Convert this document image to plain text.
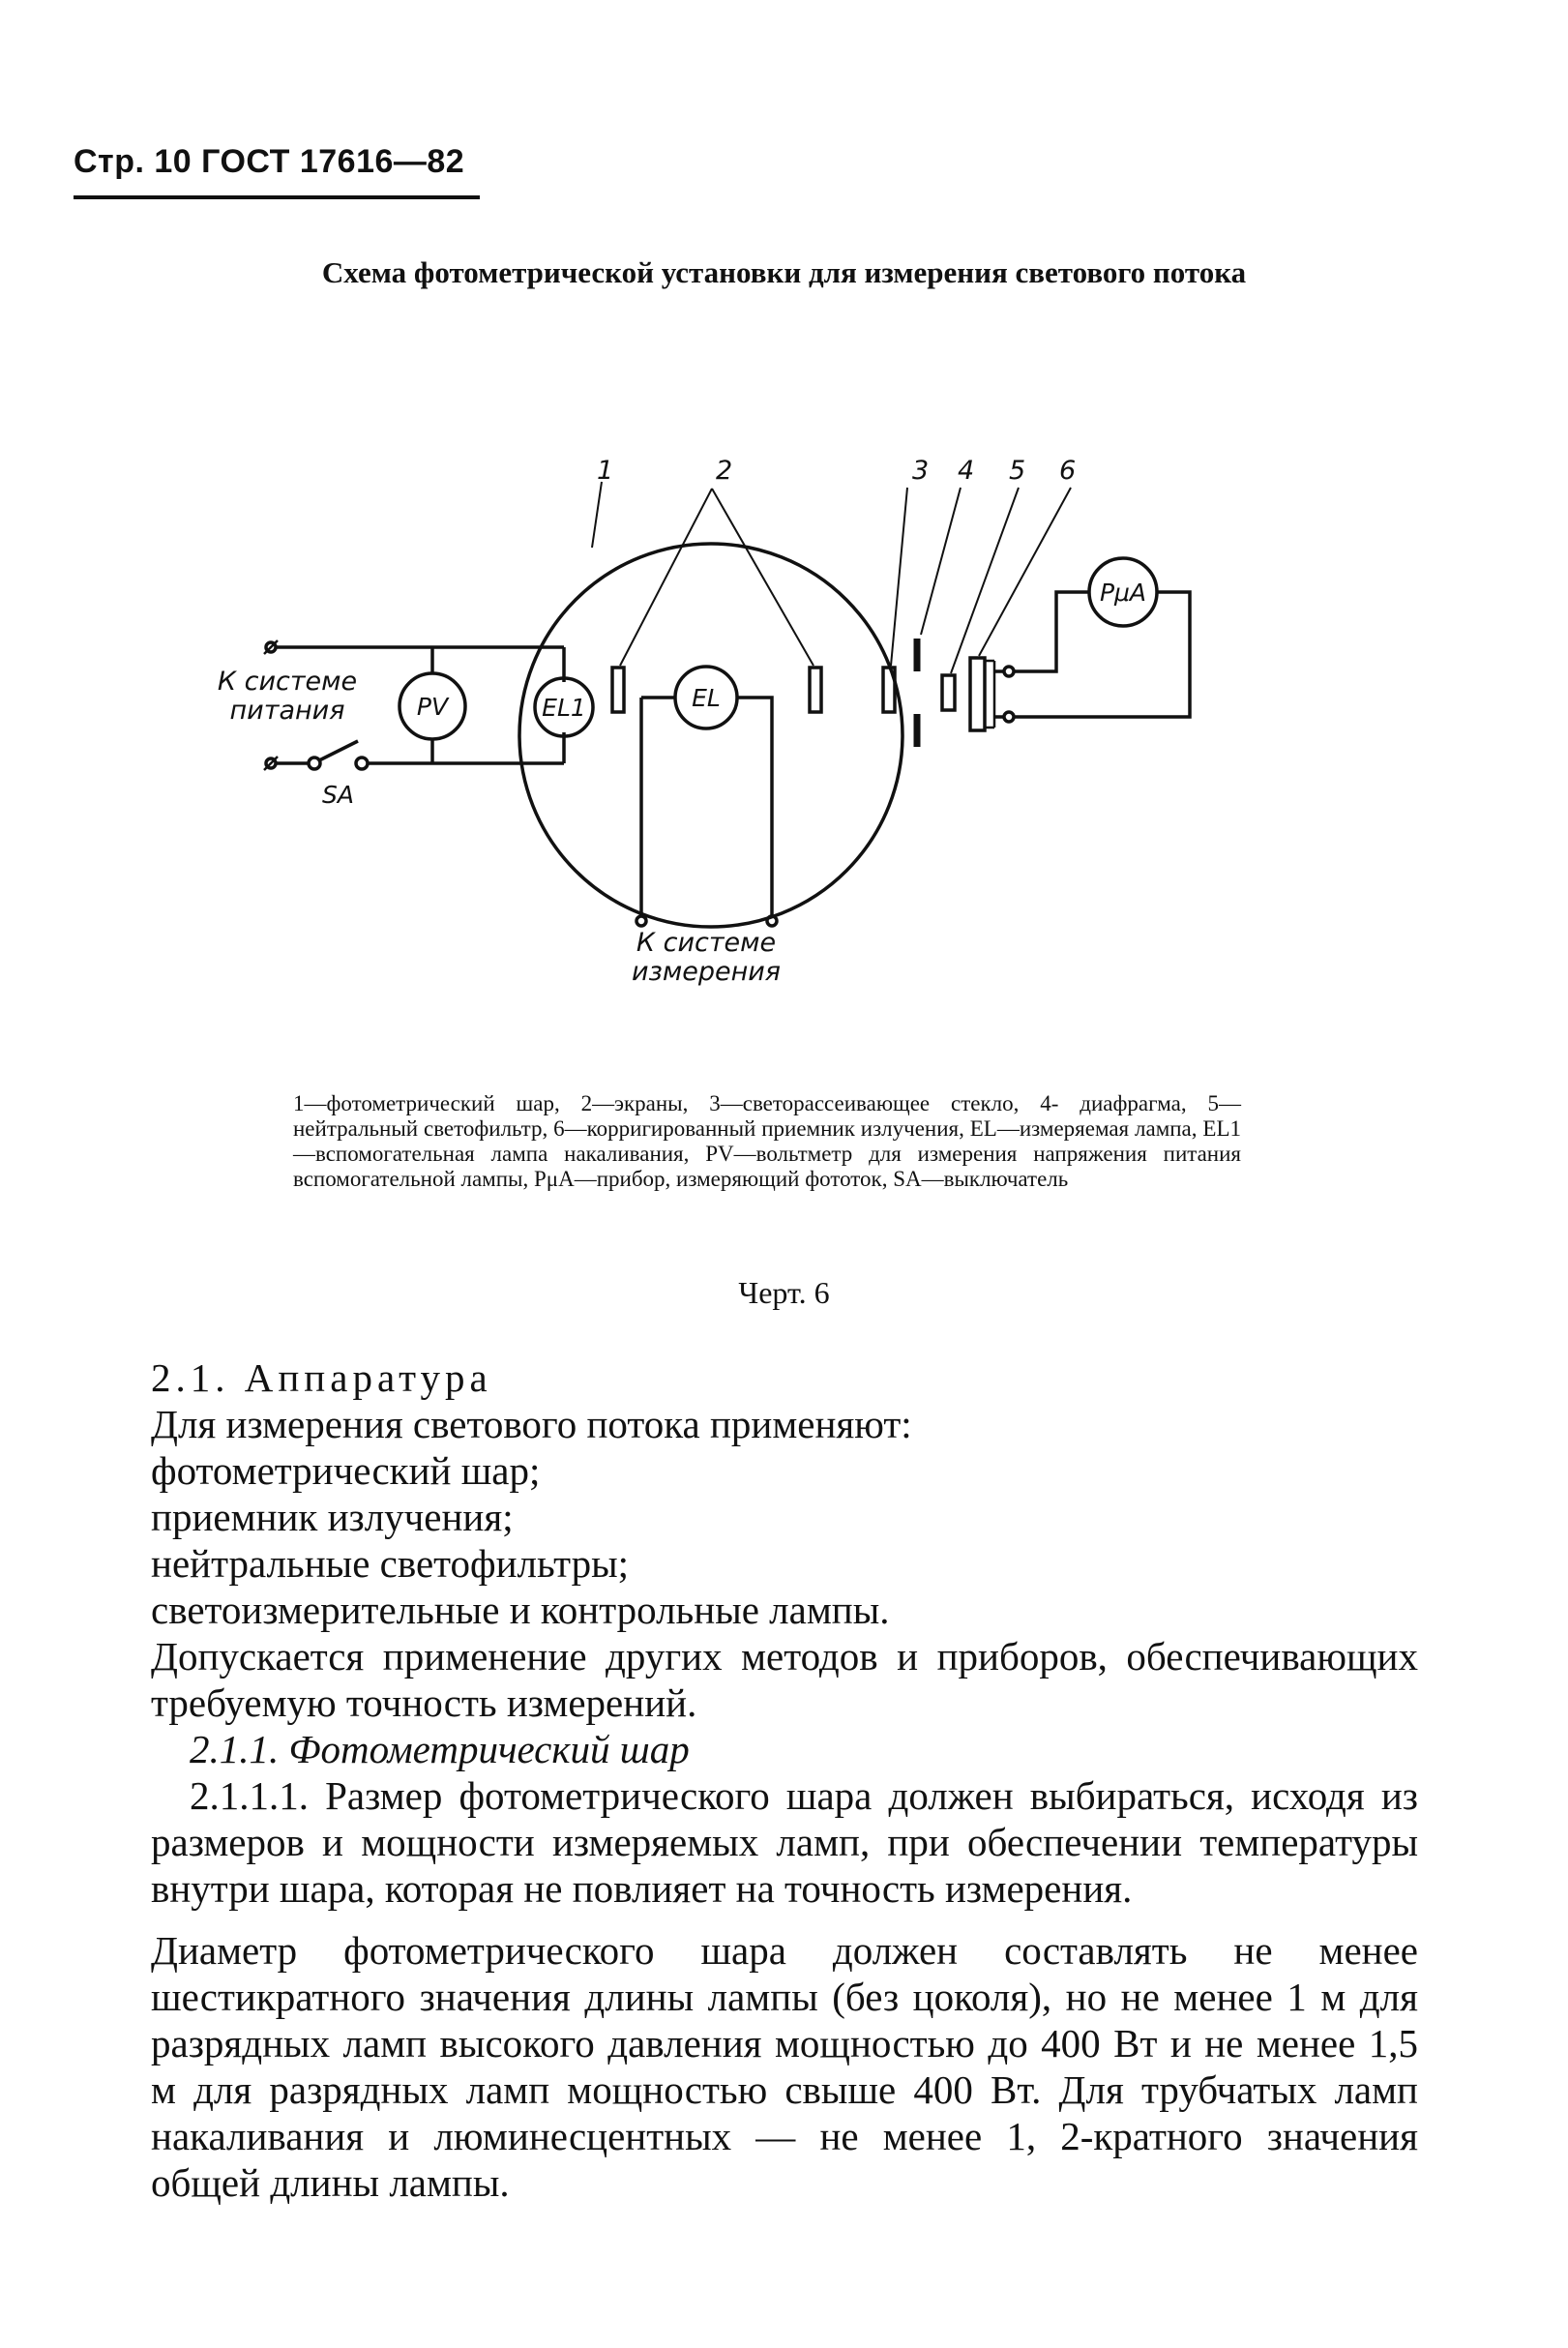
Стр. 10 ГОСТ 17616—82
Схема фотометрической установки для измерения светового потока
1	2	3 4 5 6
PV	EL1	EL
PμA
SA
К системе питания
К системе измерения
1—фотометрический шар, 2—экраны, 3—светорассеивающее стекло, 4- диафрагма, 5—нейтральный светофильтр, 6—корригированный приемник излучения, EL—измеряемая лампа, EL1—вспомогательная лампа накаливания, PV—вольтметр для измерения напряжения питания вспомогательной лампы, PμA—прибор, измеряющий фототок, SA—выключатель
Черт. 6

2.1. Аппаратура

Для измерения светового потока применяют:

фотометрический шар;

приемник излучения;

нейтральные светофильтры;

светоизмерительные и контрольные лампы.

Допускается применение других методов и приборов, обеспечивающих требуемую точность измерений.

2.1.1. Фотометрический шар

2.1.1.1. Размер фотометрического шара должен выбираться, исходя из размеров и мощности измеряемых ламп, при обеспечении температуры внутри шара, которая не повлияет на точность измерения.

Диаметр фотометрического шара должен составлять не менее шестикратного значения длины лампы (без цоколя), но не менее 1 м для разрядных ламп высокого давления мощностью до 400 Вт и не менее 1,5 м для разрядных ламп мощностью свыше 400 Вт. Для трубчатых ламп накаливания и люминесцентных — не менее 1, 2-кратного значения общей длины лампы.
